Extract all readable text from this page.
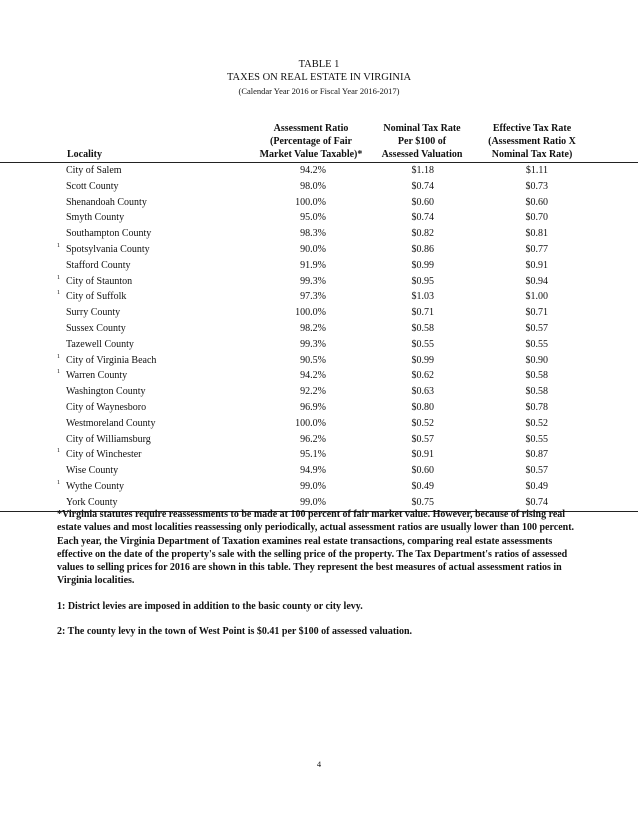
TABLE 1
TAXES ON REAL ESTATE IN VIRGINIA
(Calendar Year 2016 or Fiscal Year 2016-2017)
Locality
Assessment Ratio
(Percentage of Fair
Market Value Taxable)*
Nominal Tax Rate
Per $100 of
Assessed Valuation
Effective Tax Rate
(Assessment Ratio X
Nominal Tax Rate)
City of Salem	94.2%	$1.18	$1.11
Scott County	98.0%	$0.74	$0.73
Shenandoah County	100.0%	$0.60	$0.60
Smyth County	95.0%	$0.74	$0.70
Southampton County	98.3%	$0.82	$0.81
1 Spotsylvania County	90.0%	$0.86	$0.77
Stafford County	91.9%	$0.99	$0.91
1 City of Staunton	99.3%	$0.95	$0.94
1 City of Suffolk	97.3%	$1.03	$1.00
Surry County	100.0%	$0.71	$0.71
Sussex County	98.2%	$0.58	$0.57
Tazewell County	99.3%	$0.55	$0.55
1 City of Virginia Beach	90.5%	$0.99	$0.90
1 Warren County	94.2%	$0.62	$0.58
Washington County	92.2%	$0.63	$0.58
City of Waynesboro	96.9%	$0.80	$0.78
Westmoreland County	100.0%	$0.52	$0.52
City of Williamsburg	96.2%	$0.57	$0.55
1 City of Winchester	95.1%	$0.91	$0.87
Wise County	94.9%	$0.60	$0.57
1 Wythe County	99.0%	$0.49	$0.49
York County	99.0%	$0.75	$0.74

*Virginia statutes require reassessments to be made at 100 percent of fair market value. However, because of rising real estate values and most localities reassessing only periodically, actual assessment ratios are usually lower than 100 percent. Each year, the Virginia Department of Taxation examines real estate transactions, comparing real estate assessments effective on the date of the property's sale with the selling price of the property. The Tax Department's ratios of assessed values to selling prices for 2016 are shown in this table. They represent the best measures of actual assessment ratios in Virginia localities.

1: District levies are imposed in addition to the basic county or city levy.

2: The county levy in the town of West Point is $0.41 per $100 of assessed valuation.

4
